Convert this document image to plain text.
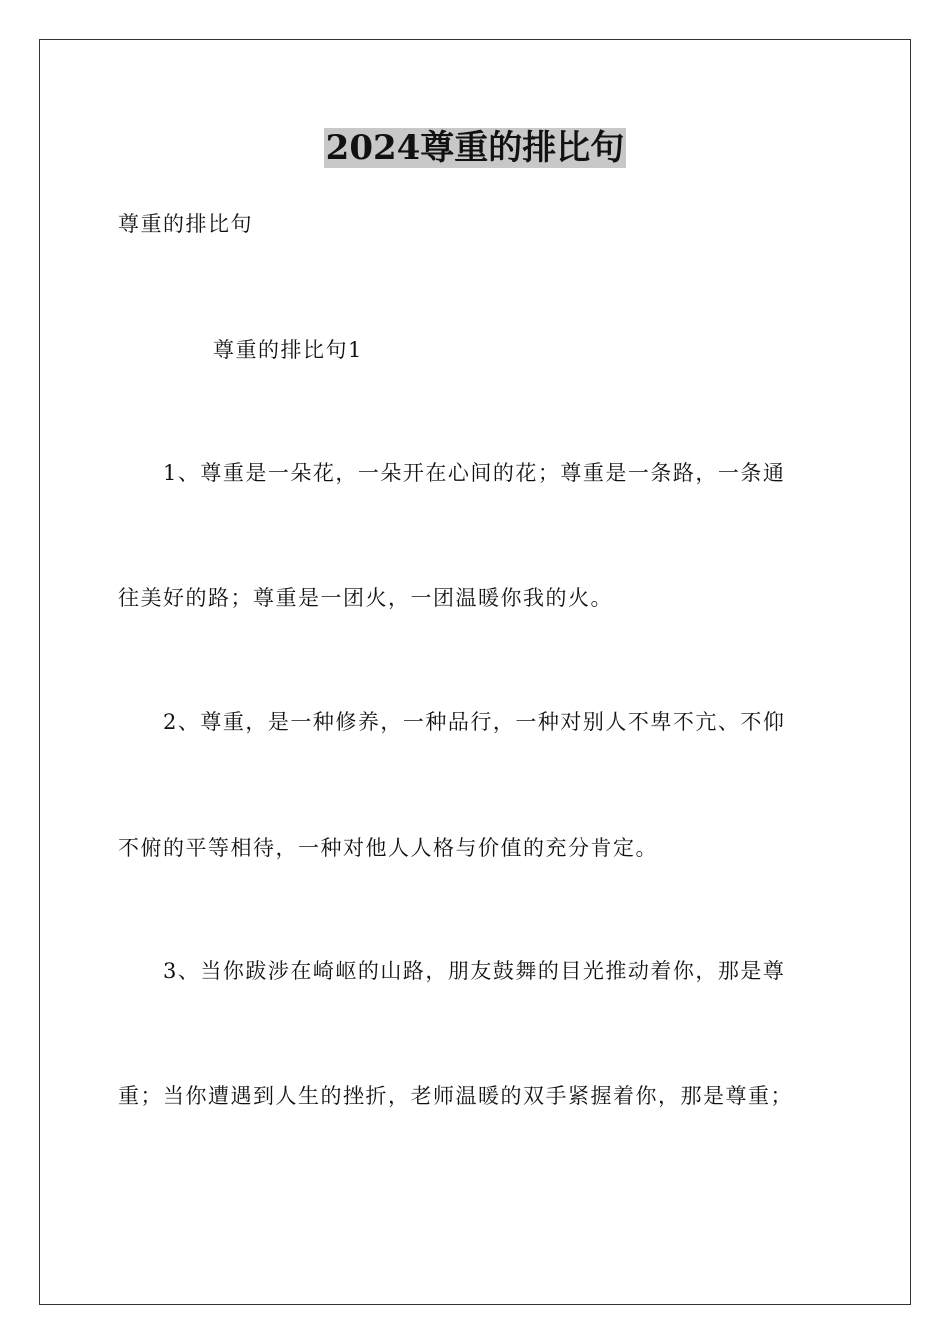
2024尊重的排比句
尊重的排比句
尊重的排比句1
1、尊重是一朵花，一朵开在心间的花；尊重是一条路，一条通
往美好的路；尊重是一团火，一团温暖你我的火。
2、尊重，是一种修养，一种品行，一种对别人不卑不亢、不仰
不俯的平等相待，一种对他人人格与价值的充分肯定。
3、当你跋涉在崎岖的山路，朋友鼓舞的目光推动着你，那是尊
重；当你遭遇到人生的挫折，老师温暖的双手紧握着你，那是尊重；
